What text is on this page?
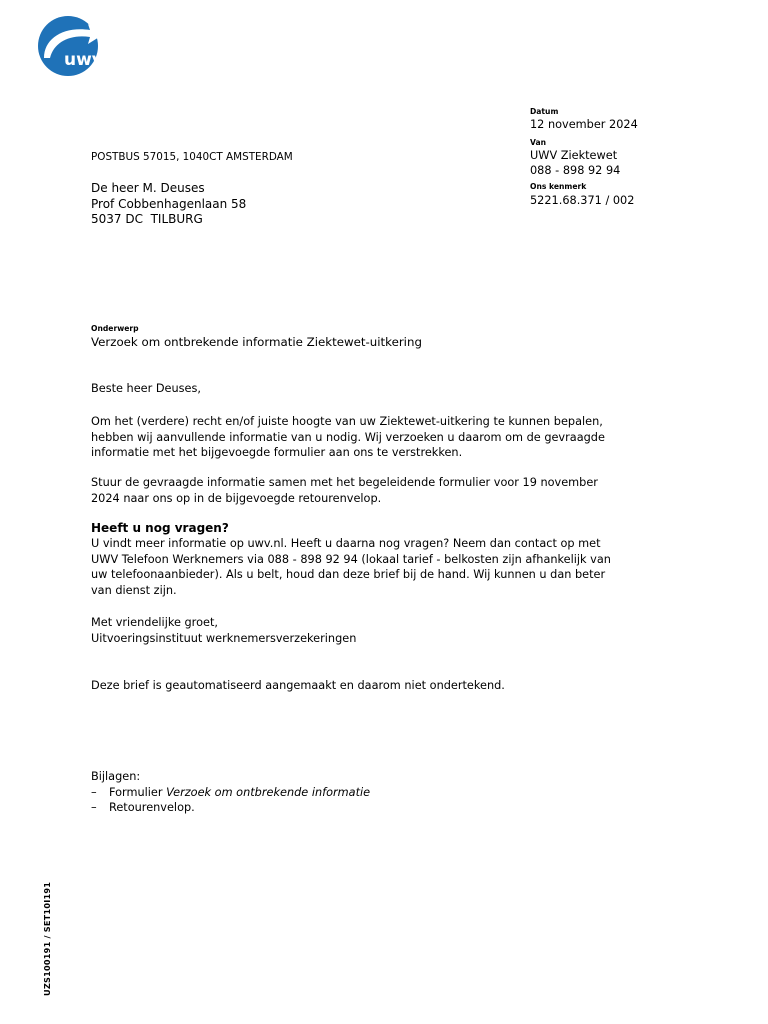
uwv
Datum
12 november 2024
Van
UWV Ziektewet
088 - 898 92 94
Ons kenmerk
5221.68.371 / 002
POSTBUS 57015, 1040CT AMSTERDAM
De heer M. Deuses
Prof Cobbenhagenlaan 58
5037 DC  TILBURG
Onderwerp
Verzoek om ontbrekende informatie Ziektewet-uitkering
Beste heer Deuses,
Om het (verdere) recht en/of juiste hoogte van uw Ziektewet-uitkering te kunnen bepalen,
hebben wij aanvullende informatie van u nodig. Wij verzoeken u daarom om de gevraagde
informatie met het bijgevoegde formulier aan ons te verstrekken.
Stuur de gevraagde informatie samen met het begeleidende formulier voor 19 november
2024 naar ons op in de bijgevoegde retourenvelop.
Heeft u nog vragen?
U vindt meer informatie op uwv.nl. Heeft u daarna nog vragen? Neem dan contact op met
UWV Telefoon Werknemers via 088 - 898 92 94 (lokaal tarief - belkosten zijn afhankelijk van
uw telefoonaanbieder). Als u belt, houd dan deze brief bij de hand. Wij kunnen u dan beter
van dienst zijn.
Met vriendelijke groet,
Uitvoeringsinstituut werknemersverzekeringen
Deze brief is geautomatiseerd aangemaakt en daarom niet ondertekend.
Bijlagen:
– Formulier Verzoek om ontbrekende informatie
– Retourenvelop.
UZS100191 / SET10I191
